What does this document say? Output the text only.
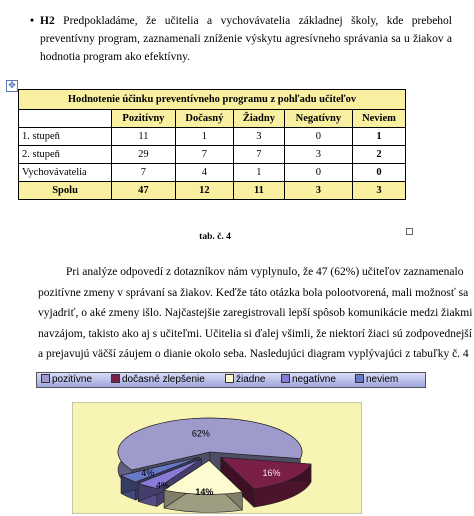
• H2 Predpokladáme, že učitelia a vychovávatelia základnej školy, kde prebehol preventívny program, zaznamenali zníženie výskytu agresívneho správania sa u žiakov a hodnotia program ako efektívny.
✥
Hodnotenie účinku preventívneho programu z pohľadu učiteľov					
	Pozitívny	Dočasný	Žiadny	Negatívny	Neviem
1. stupeň	11	1	3	0	1
2. stupeň	29	7	7	3	2
Vychovávatelia	7	4	1	0	0
Spolu	47	12	11	3	3
tab. č. 4
Pri analýze odpovedí z dotazníkov nám vyplynulo, že 47 (62%) učiteľov zaznamenalo
pozitívne zmeny v správaní sa žiakov. Keďže táto otázka bola polootvorená, mali možnosť sa
vyjadriť, o aké zmeny išlo. Najčastejšie zaregistrovali lepší spôsob komunikácie medzi žiakmi
navzájom, takisto ako aj s učiteľmi. Učitelia si ďalej všimli, že niektorí žiaci sú zodpovednejší
a prejavujú väčší záujem o dianie okolo seba. Nasledujúci diagram vyplývajúci z tabuľky č. 4
pozitívne	dočasné zlepšenie	žiadne	negatívne	neviem
62%
16%
14%
4%
4%
